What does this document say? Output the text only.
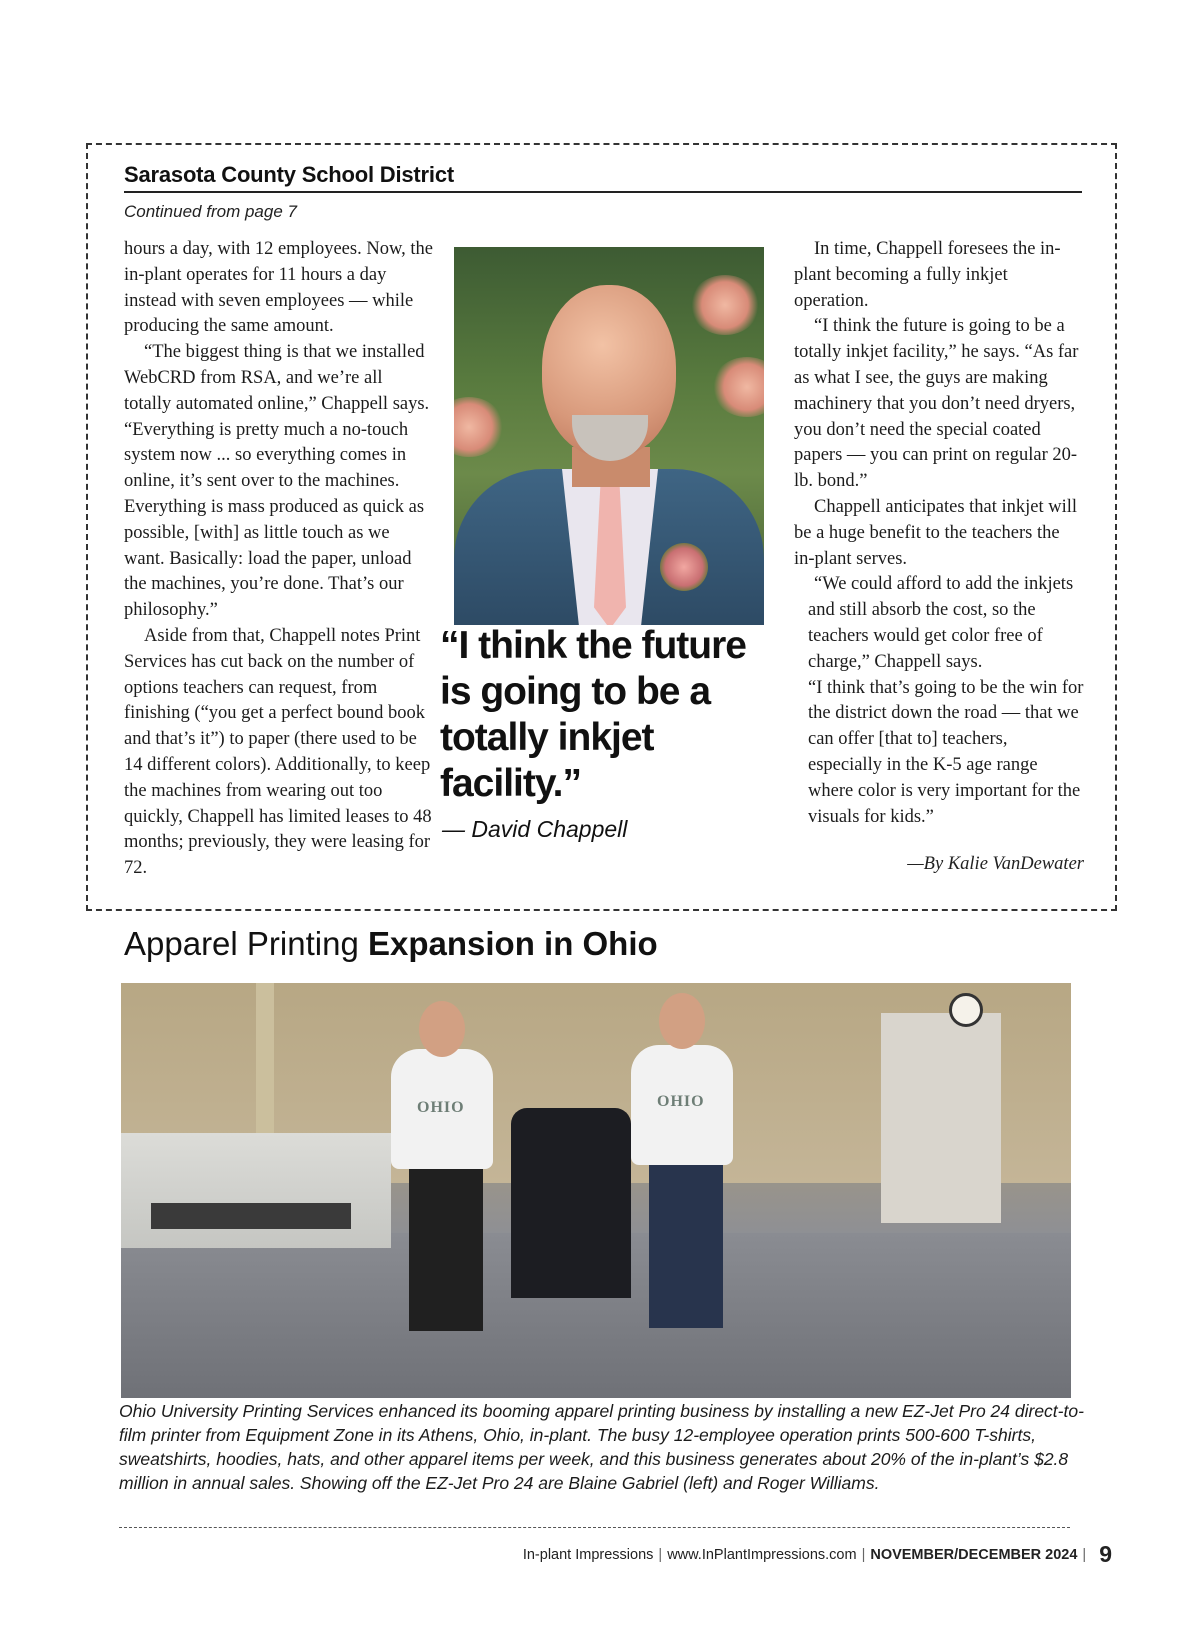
Sarasota County School District
Continued from page 7

hours a day, with 12 employees. Now, the in-plant operates for 11 hours a day instead with seven employees — while producing the same amount.

“The biggest thing is that we installed WebCRD from RSA, and we’re all totally automated online,” Chappell says. “Everything is pretty much a no-touch system now ... so everything comes in online, it’s sent over to the machines. Everything is mass produced as quick as possible, [with] as little touch as we want. Basically: load the paper, unload the machines, you’re done. That’s our philosophy.”

Aside from that, Chappell notes Print Services has cut back on the number of options teachers can request, from finishing (“you get a perfect bound book and that’s it”) to paper (there used to be 14 different colors). Additionally, to keep the machines from wearing out too quickly, Chappell has limited leases to 48 months; previously, they were leasing for 72.

“I think the future is going to be a totally inkjet facility.”
— David Chappell

In time, Chappell foresees the in-plant becoming a fully inkjet operation.

“I think the future is going to be a totally inkjet facility,” he says. “As far as what I see, the guys are making machinery that you don’t need dryers, you don’t need the special coated papers — you can print on regular 20-lb. bond.”

Chappell anticipates that inkjet will be a huge benefit to the teachers the in-plant serves.

“We could afford to add the inkjets and still absorb the cost, so the teachers would get color free of charge,” Chappell says.

“I think that’s going to be the win for the district down the road — that we can offer [that to] teachers, especially in the K-5 age range where color is very important for the visuals for kids.”

—By Kalie VanDewater
Apparel Printing Expansion in Ohio
OHIO	OHIO
Ohio University Printing Services enhanced its booming apparel printing business by installing a new EZ-Jet Pro 24 direct-to-film printer from Equipment Zone in its Athens, Ohio, in-plant. The busy 12-employee operation prints 500-600 T-shirts, sweatshirts, hoodies, hats, and other apparel items per week, and this business generates about 20% of the in-plant’s $2.8 million in annual sales. Showing off the EZ-Jet Pro 24 are Blaine Gabriel (left) and Roger Williams.
In-plant Impressions | www.InPlantImpressions.com | NOVEMBER/DECEMBER 2024 | 9
